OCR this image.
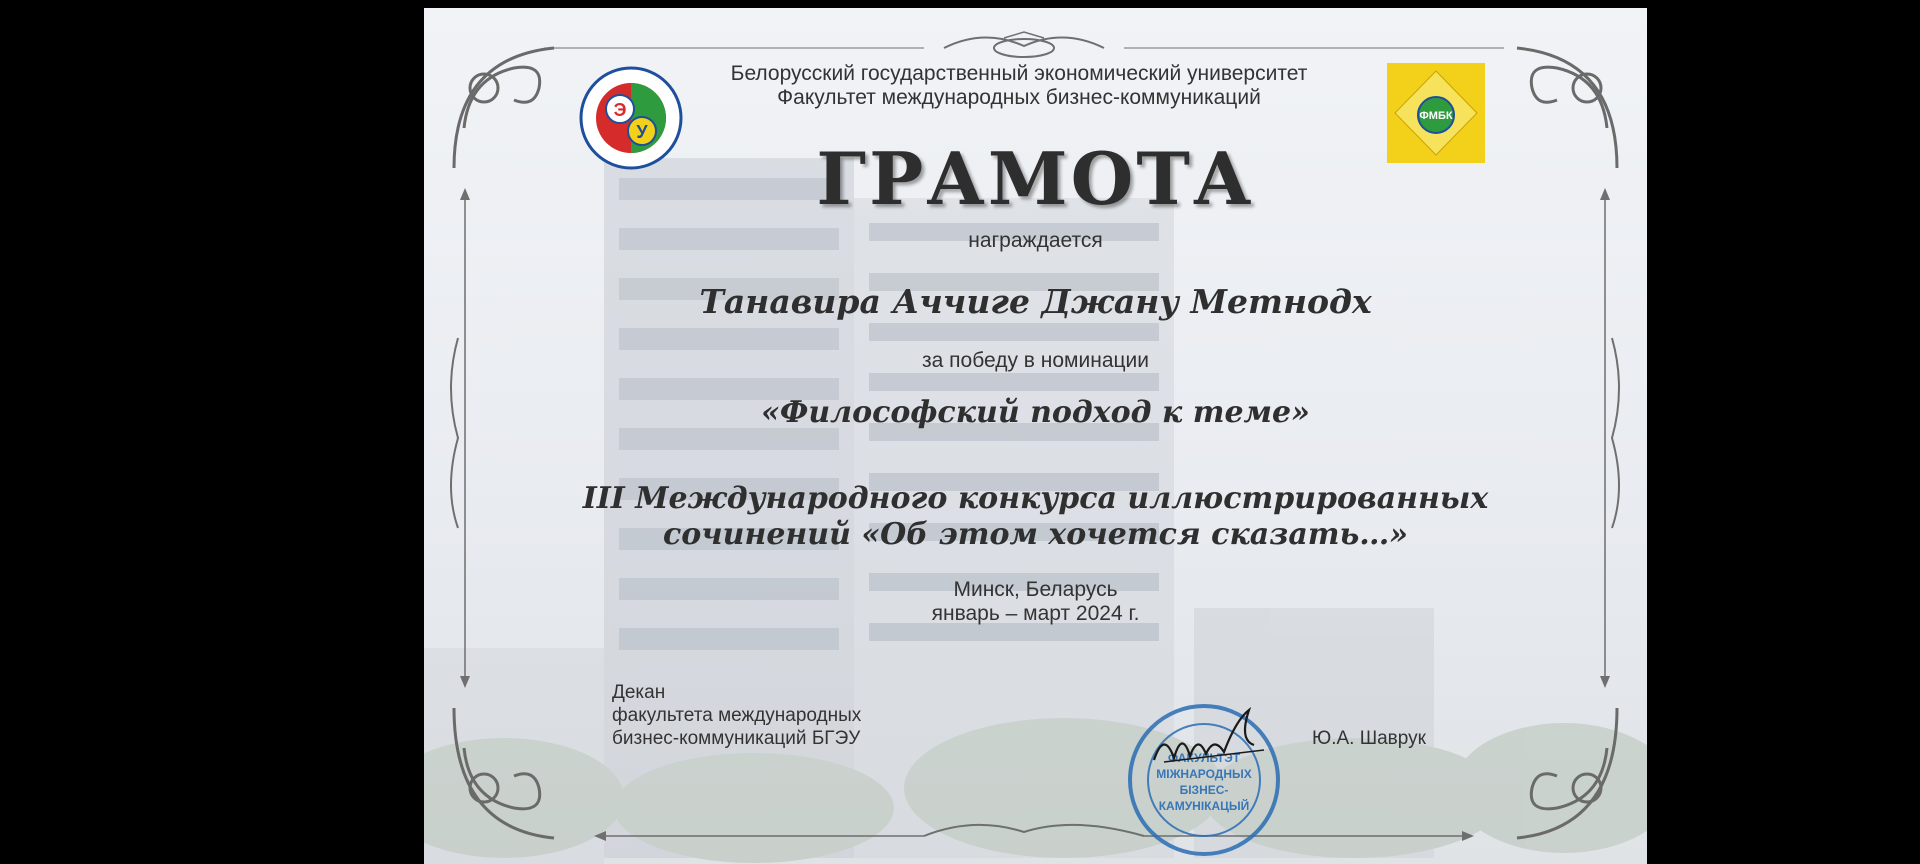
Э
У
ФМБК
Белорусский государственный экономический университет
Факультет международных бизнес-коммуникаций
ГРАМОТА
награждается
Танавира Аччиге Джану Метнодх
за победу в номинации
«Философский подход к теме»
III Международного конкурса иллюстрированных
сочинений «Об этом хочется сказать…»
Минск, Беларусь
январь – март 2024 г.
Декан
факультета международных
бизнес-коммуникаций БГЭУ
ФАКУЛЬТЭТ
МІЖНАРОДНЫХ
БІЗНЕС-
КАМУНІКАЦЫЙ
Ю.А. Шаврук
